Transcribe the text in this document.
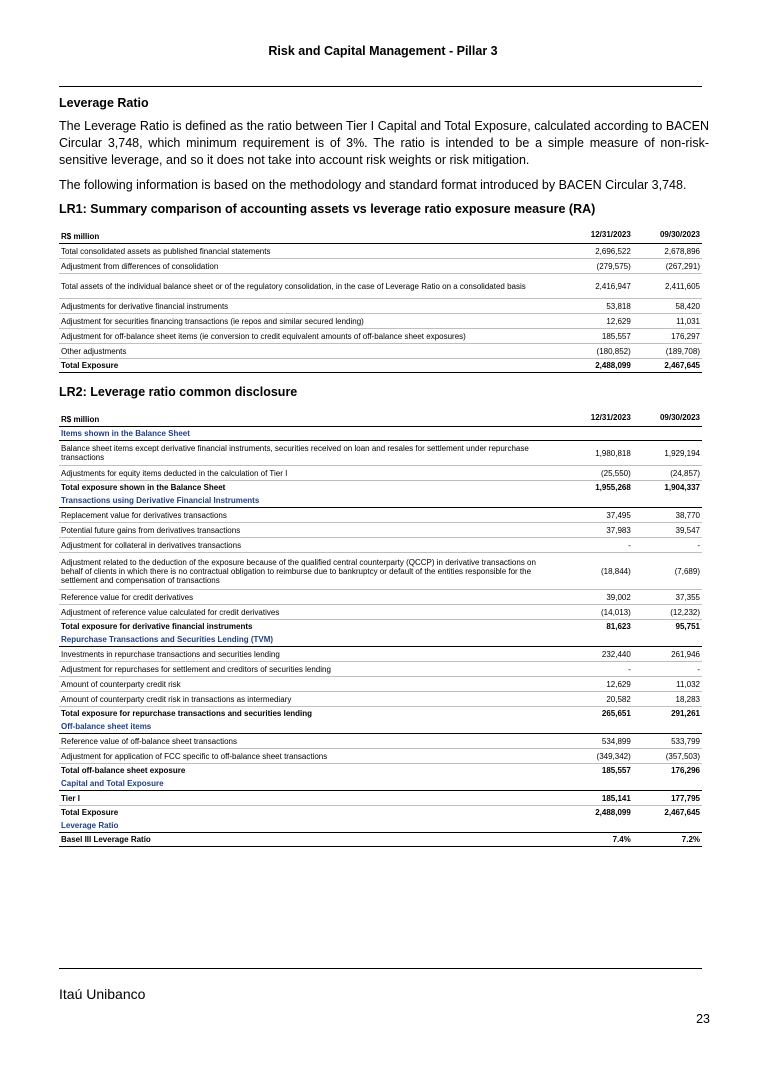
Risk and Capital Management - Pillar 3
Leverage Ratio

The Leverage Ratio is defined as the ratio between Tier I Capital and Total Exposure, calculated according to BACEN Circular 3,748, which minimum requirement is of 3%. The ratio is intended to be a simple measure of non-risk-sensitive leverage, and so it does not take into account risk weights or risk mitigation.

The following information is based on the methodology and standard format introduced by BACEN Circular 3,748.

LR1: Summary comparison of accounting assets vs leverage ratio exposure measure (RA)
R$ million	12/31/2023	09/30/2023
Total consolidated assets as published financial statements	2,696,522	2,678,896
Adjustment from differences of consolidation	(279,575)	(267,291)
Total assets of the individual balance sheet or of the regulatory consolidation, in the case of Leverage Ratio on a consolidated basis	2,416,947	2,411,605
Adjustments for derivative financial instruments	53,818	58,420
Adjustment for securities financing transactions (ie repos and similar secured lending)	12,629	11,031
Adjustment for off-balance sheet items (ie conversion to credit equivalent amounts of off-balance sheet exposures)	185,557	176,297
Other adjustments	(180,852)	(189,708)
Total Exposure	2,488,099	2,467,645
LR2: Leverage ratio common disclosure
R$ million	12/31/2023	09/30/2023
Items shown in the Balance Sheet		
Balance sheet items except derivative financial instruments, securities received on loan and resales for settlement under repurchase transactions	1,980,818	1,929,194
Adjustments for equity items deducted in the calculation of Tier I	(25,550)	(24,857)
Total exposure shown in the Balance Sheet	1,955,268	1,904,337
Transactions using Derivative Financial Instruments		
Replacement value for derivatives transactions	37,495	38,770
Potential future gains from derivatives transactions	37,983	39,547
Adjustment for collateral in derivatives transactions	-	-
Adjustment related to the deduction of the exposure because of the qualified central counterparty (QCCP) in derivative transactions on behalf of clients in which there is no contractual obligation to reimburse due to bankruptcy or default of the entities responsible for the settlement and compensation of transactions	(18,844)	(7,689)
Reference value for credit derivatives	39,002	37,355
Adjustment of reference value calculated for credit derivatives	(14,013)	(12,232)
Total exposure for derivative financial instruments	81,623	95,751
Repurchase Transactions and Securities Lending (TVM)		
Investments in repurchase transactions and securities lending	232,440	261,946
Adjustment for repurchases for settlement and creditors of securities lending	-	-
Amount of counterparty credit risk	12,629	11,032
Amount of counterparty credit risk in transactions as intermediary	20,582	18,283
Total exposure for repurchase transactions and securities lending	265,651	291,261
Off-balance sheet items		
Reference value of off-balance sheet transactions	534,899	533,799
Adjustment for application of FCC specific to off-balance sheet transactions	(349,342)	(357,503)
Total off-balance sheet exposure	185,557	176,296
Capital and Total Exposure		
Tier I	185,141	177,795
Total Exposure	2,488,099	2,467,645
Leverage Ratio		
Basel III Leverage Ratio	7.4%	7.2%
Itaú Unibanco
23
